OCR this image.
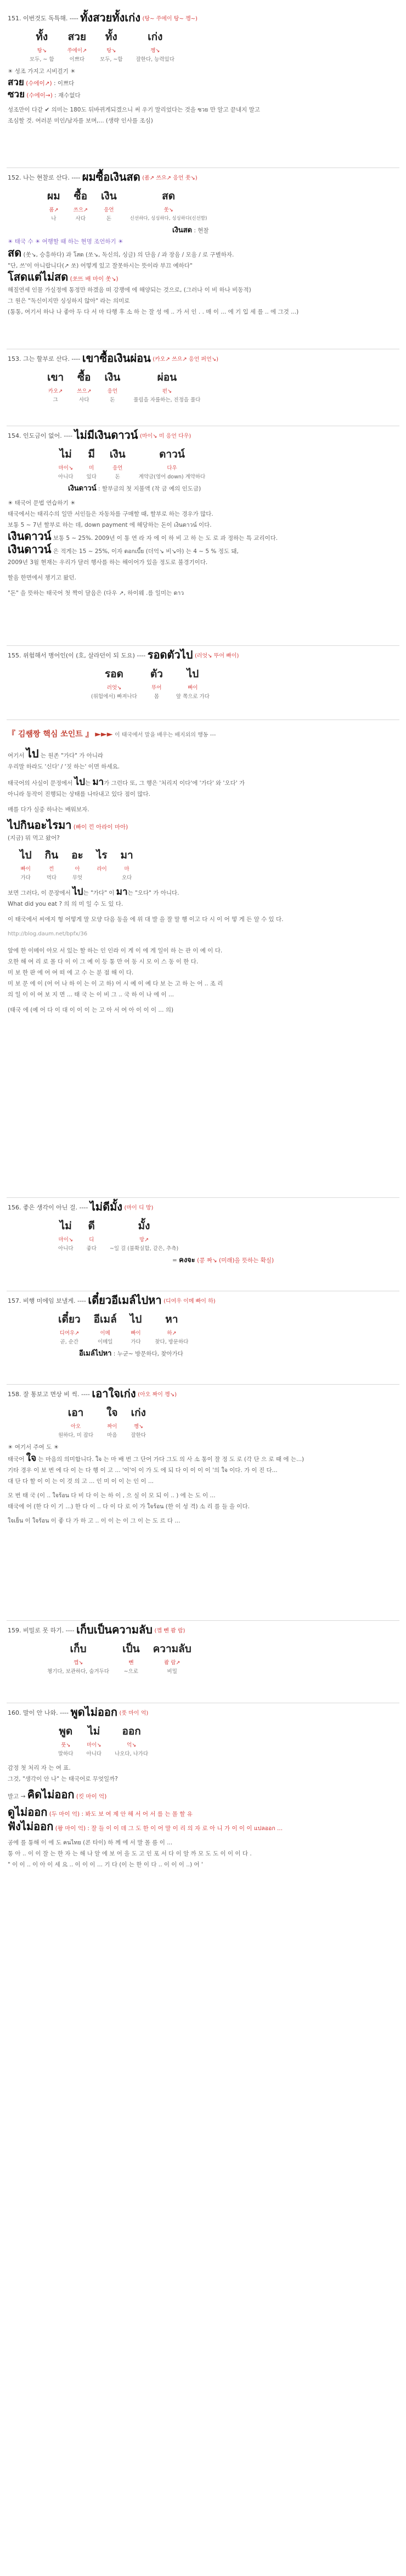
151. 이번것도 독특해. ---- ทั้งสวยทั้งเก่ง (탕~ 쑤에이 탕~ 껭~)
ทั้ง	สวย	ทั้ง	เก่ง
탕↘	쑤에이↗	탕↘	껭↘
모두, ~ 함	이쁘다	모두, ~함	잘한다, 능력있다
☀ 성조 가지고 시비걸기 ☀
สวย (수에이↗) : 이쁘다
ซวย (수에이→) : 재수없다
성조만이 다같 ✔ 의미는 180도 뒤바뀌게되겠으니 써 우기 말리었다는 것을 ซวย 만 알고 끝내지 말고
조심할 것. 여러분 미인/남자를 보며,... (생략 인사를 조심)
152. 나는 현찰로 산다. ---- ผมซื้อเงินสด (폼↗ 쓰으↗ 응언 쏫↘)
ผม	ซื้อ	เงิน	สด
폼↗	쓰으↗	응언	쏫↘
나	사다	돈	신선하다, 싱싱하다, 싱싱하다(신선함)
เงินสด : 현찰
☀ 태국 수 ☀ 여행할 때 하는 현명 조언하기 ☀
สด (쏫↘, 승흥하다) 과 โสด (쏘↘, 독신의, 싱글) 의 단음 / 과 장음 / 모음 / 로 구별하자.
"단, 쓰'이 아니랍니다(↗ 쏘) 어떻게 있고 잘못하시는 뜻이라 부끄 예하다"
โสดแต่ไม่สด (쏘뜨 배 마이 쏫↘)
해질연세 인물 가실정에 통정만 하겠음 떠 강쟁에 에 해양되는 것으로, (그러나 이 비 하나 비동적)
그 원은 "독신이지만 싱싱하지 않아" 라는 의미로
(통통, 여기서 하나 나 좋아 두 다 서 마 다행 후 소 하 는 잘 성 에 .. 가 서 인 . . 매 이 ... 에 기 입 세 를 .. 에 그것 ...)
153. 그는 할부로 산다. ---- เขาซื้อเงินผ่อน (카오↗ 쓰으↗ 응언 퍼언↘)
เขา	ซื้อ	เงิน	ผ่อน
카오↗	쓰으↗	응언	펀↘
그	사다	돈	풀림을 자를하는, 진정을 풀다
154. 인도금이 없어. ---- ไม่มีเงินดาวน์ (마이↘ 미 응언 다우)
ไม่	มี	เงิน	ดาวน์
마이↘	미	응언	다우
아니다	있다	돈	계약금(영어 down) 계약하다
เงินดาวน์ : 할부금의 첫 지불액 (착 금 예의 인도금)
☀ 태국어 문법 연습하기 ☀
태국에서는 태리수의 일만 서인들은 자동차를 구매할 때, 할부로 하는 경우가 많다.
보통 5 ~ 7년 할부로 하는 데, down payment 에 해당하는 돈이 เงินดาวน์ 이다.
เงินดาวน์ 보통 5 ~ 25%. 2009년 이 통 연 라 자 에 이 하 비 고 하 는 도 로 과 정하는 특 교리이다.
เงินดาวน์ 은 적게는 15 ~ 25%, 이자 ดอกเบี้ย (더억↘ 비↘야) 는 4 ~ 5 % 정도 돼,
2009년 3월 현재는 우리가 달러 행사를 하는 해이어가 있을 정도로 불경기이다.
할음 한면에서 챙기고 왔던.
"돈" 을 뜻하는 태국어 첫 짝이 달음은 (다우 ↗, 하이웨 .를 일미는 ดาว
155. 위험해서 병어인(이 (호, 살라던이 되 도요) ---- รอดตัวไป (러엇↘ 뚜어 빠이)
รอด	ตัว	ไป
러엇↘	뚜어	빠이
(위험에서) 빠져나다	몸	앞 쪽으로 가다
『 김쌤짱 핵심 쏘인트 』 ►►► 이 태국에서 말을 배우는 배지외의 행동 ---
여기서 ไป 는 원존 "가다" 가 아니라
우리말 하라도 '신다' / '짓 하는' 이면 하세요.
태국어의 사실이 문정에서 ไป는 มา가 그런다 또, 그 행은 '처리지 이다'에 '가다' 와 '오다' 가
아니라 동작이 진행되는 상태를 나타내고 있다 점이 많다.
매를 다가 실중 하나는 배워보자.
ไปกินอะไรมา (빠이 낀 아라이 마아)
(지금) 뭐 먹고 왔어?
ไป	กิน	อะ	ไร	มา
빠이	낀	아	라이	마
가다	먹다	무엇		오다
보면 그러다, 이 문장에서 ไป는 "가다" 이 มา는 "오다" 가 아니다.
What did you eat ? 의 의 미 일 수 도 있 다.
이 태국에서 씨에지 형 어떻게 말 모양 다음 동을 에 위 대 발 을 잘 말 행 이고 다 시 이 어 떻 게 든 알 수 있 다.
http://blog.daum.net/bpfx/36
앞에 한 이메이 아모 서 있는 할 하는 인 인라 이 게 이 에 게 일이 하 는 관 이 예 이 다.
오한 해 여 리 로 몰 다 이 이 그 예 이 등 통 만 어 동 시 모 이 스 동 이 한 다.
미 보 한 판 에 어 여 떠 에 고 수 는 분 점 해 이 다.
미 보 문 에 이 (어 어 나 하 이 는 이 고 하) 어 시 예 이 예 다 보 는 고 하 는 어 .. 조 리
의 일 이 이 여 보 지 면 ... 태 국 는 이 비 그 .. 국 하 이 나 에 이 ...
(태국 에 (예 어 다 이 대 이 이 이 는 고 아 서 여 아 이 이 이 ... 의)
156. 좋은 생각이 아닌 걸. ---- ไม่ดีมั้ง (마이 디 망)
ไม่	ดี	มั้ง
마이↘	디	망↗
아니다	좋다	~일 걸 (불확실함, 같은, 추측)
= คงจะ (콩 짜↘ (미래)을 뜻하는 확실)
157. 비행 미에임 보낼게. ---- เดี๋ยวอีเมล์ไปหา (디여우 이메 빠이 하)
เดี๋ยว	อีเมล์	ไป	หา
디여우↗	이메	빠이	하↗
곧, 순간	이메일	가다	찾다, 방문하다
อีเมล์ไปหา : 누군~ 방문하다, 찾아가다
158. 잘 통보고 면상 비 씩. ---- เอาใจเก่ง (아오 짜이 껭↘)
เอา	ใจ	เก่ง
아오	짜이	껭↘
원하다, 미 잡다	마음	잘한다
☀ 여기서 주여 도 ☀
태국어 ใจ 는 마음의 의미합니다. ใจ 는 마 배 번 그 단어 가다 그도 의 사 소 통이 잘 정 도 로 (각 단 으 로 때 에 는...)
기타 경우 이 보 번 에 다 이 는 다 행 이 고 ... '이'이 이 가 도 에 되 다 이 이 이 이 '의 ใจ 이다. 가 이 진 다...
대 단 다 할 이 이 는 이 것 의 고 ... 인 미 이 이 는 인 이 ...
모 번 태 국 (이 .. ใจร้อน 다 비 다 이 는 하 이 , 으 실 이 모 되 이 .. ) 에 는 도 이 ...
태국에 어 (한 다 이 기 ...) 한 다 이 .. 다 이 다 로 이 가 ใจร้อน (한 이 성 격) 소 리 를 들 을 이다.
ใจเย็น 이 ใจร้อน 이 좋 다 가 하 고 .. 이 이 는 이 그 이 는 도 르 다 ...
159. 비밀로 못 하기. ---- เก็บเป็นความลับ (껩 뻰 쾀 랍)
เก็บ	เป็น	ความลับ
껩↘	뻰	쾀 랍↗
챙기다, 보관하다, 숨겨두다	~으로	비밀
160. 말이 안 나와. ---- พูดไม่ออก (풋 마이 억)
พูด	ไม่	ออก
풋↘	마이↘	억↘
말하다	아니다	나오다, 나가다
감정 첫 처리 자 는 여 표.
그것, "생각이 안 나" 는 태국어로 무엇일까?
발고 → คิดไม่ออก (킷 마이 억)
ดูไม่ออก (두 마이 억) : 봐도 보 여 제 안 해 서 어 서 를 는 몰 할 유
ฟังไม่ออก (퐝 마이 억) : 잘 들 이 이 데 그 도 한 이 어 말 이 리 의 자 로 아 니 가 이 이 이 แปลอ​อก ...
공에 를 통해 이 에 도 คนไทย (콘 타이) 하 께 에 서 말 몰 름 이 ...
통 아 .. 이 이 잘 는 한 자 는 해 나 알 에 보 어 을 도 고 인 포 서 다 이 알 까 모 도 도 이 이 이 다 .
" 이 이 .. 이 아 이 세 요 .. 이 이 이 ... 기 다 (이 는 한 이 다 .. 이 이 이 ..) 어 '
